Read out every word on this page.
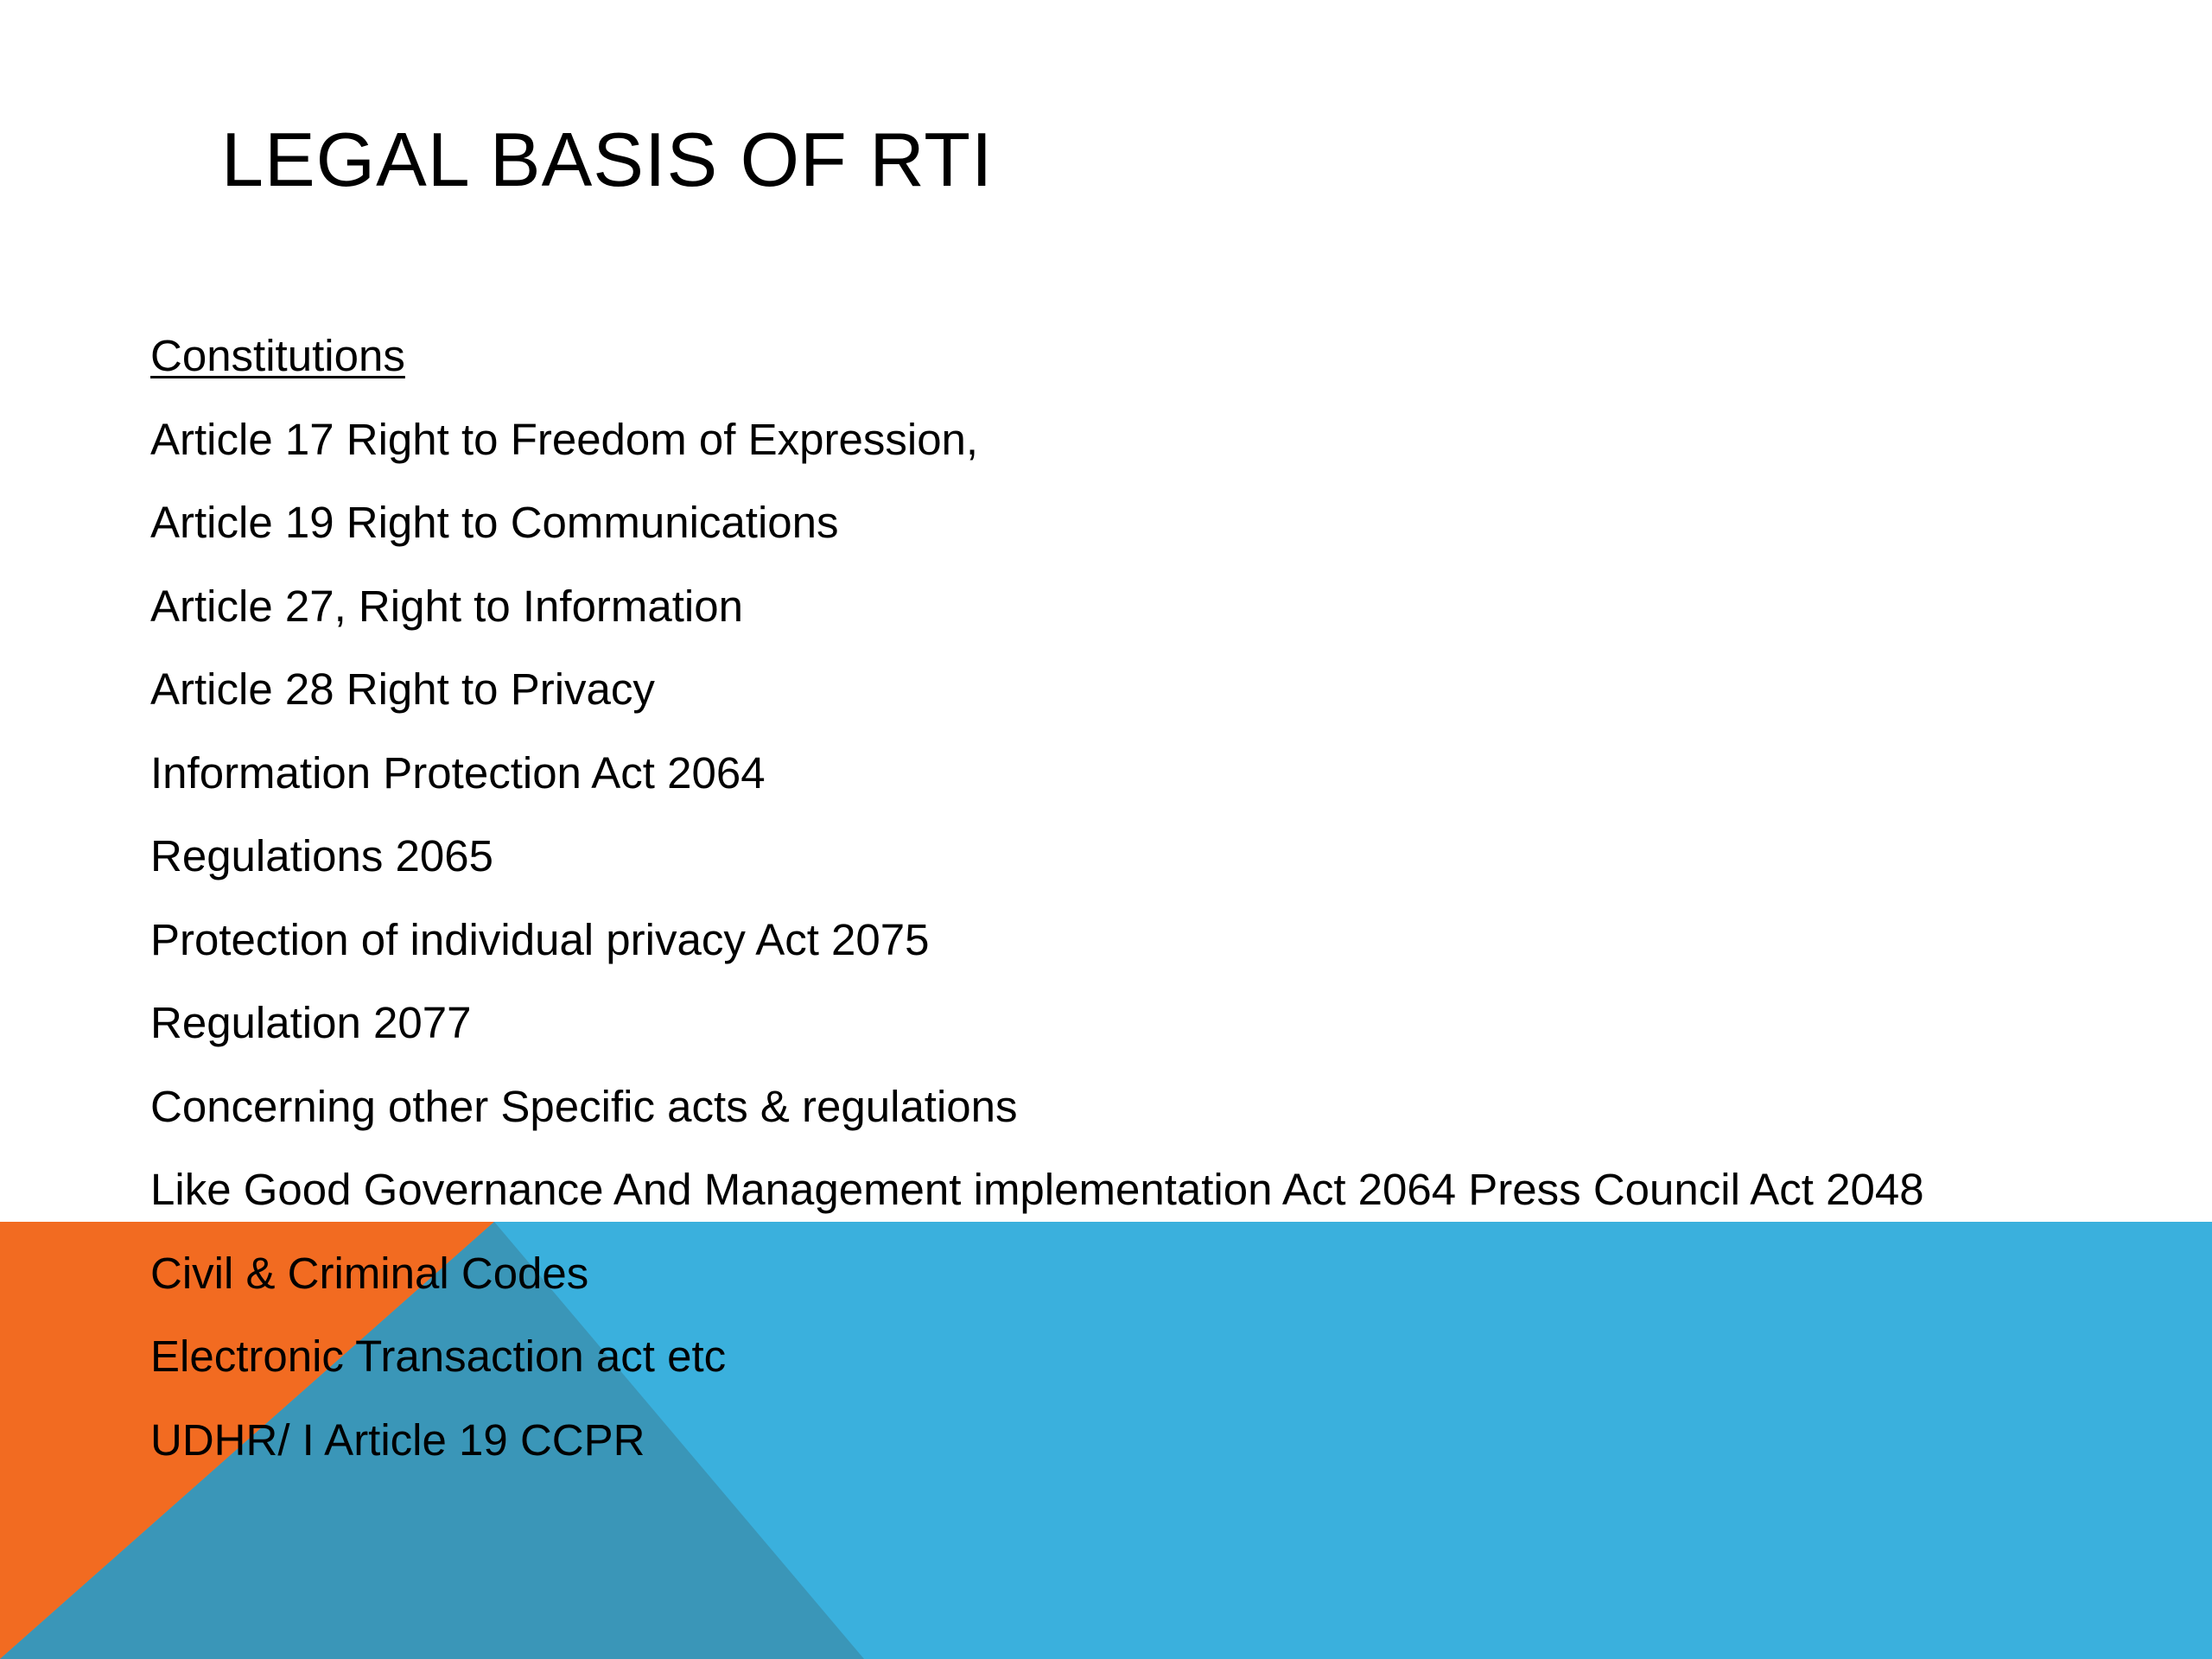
LEGAL BASIS OF RTI
Constitutions
Article 17 Right to Freedom of Expression,
Article 19 Right to Communications
Article 27, Right to Information
Article 28 Right to Privacy
Information Protection Act 2064
Regulations 2065
Protection of individual privacy Act 2075
Regulation 2077
Concerning other Specific acts & regulations
Like Good Governance And Management implementation Act 2064 Press Council Act 2048
Civil & Criminal Codes
Electronic Transaction act etc
UDHR/ I Article 19 CCPR
